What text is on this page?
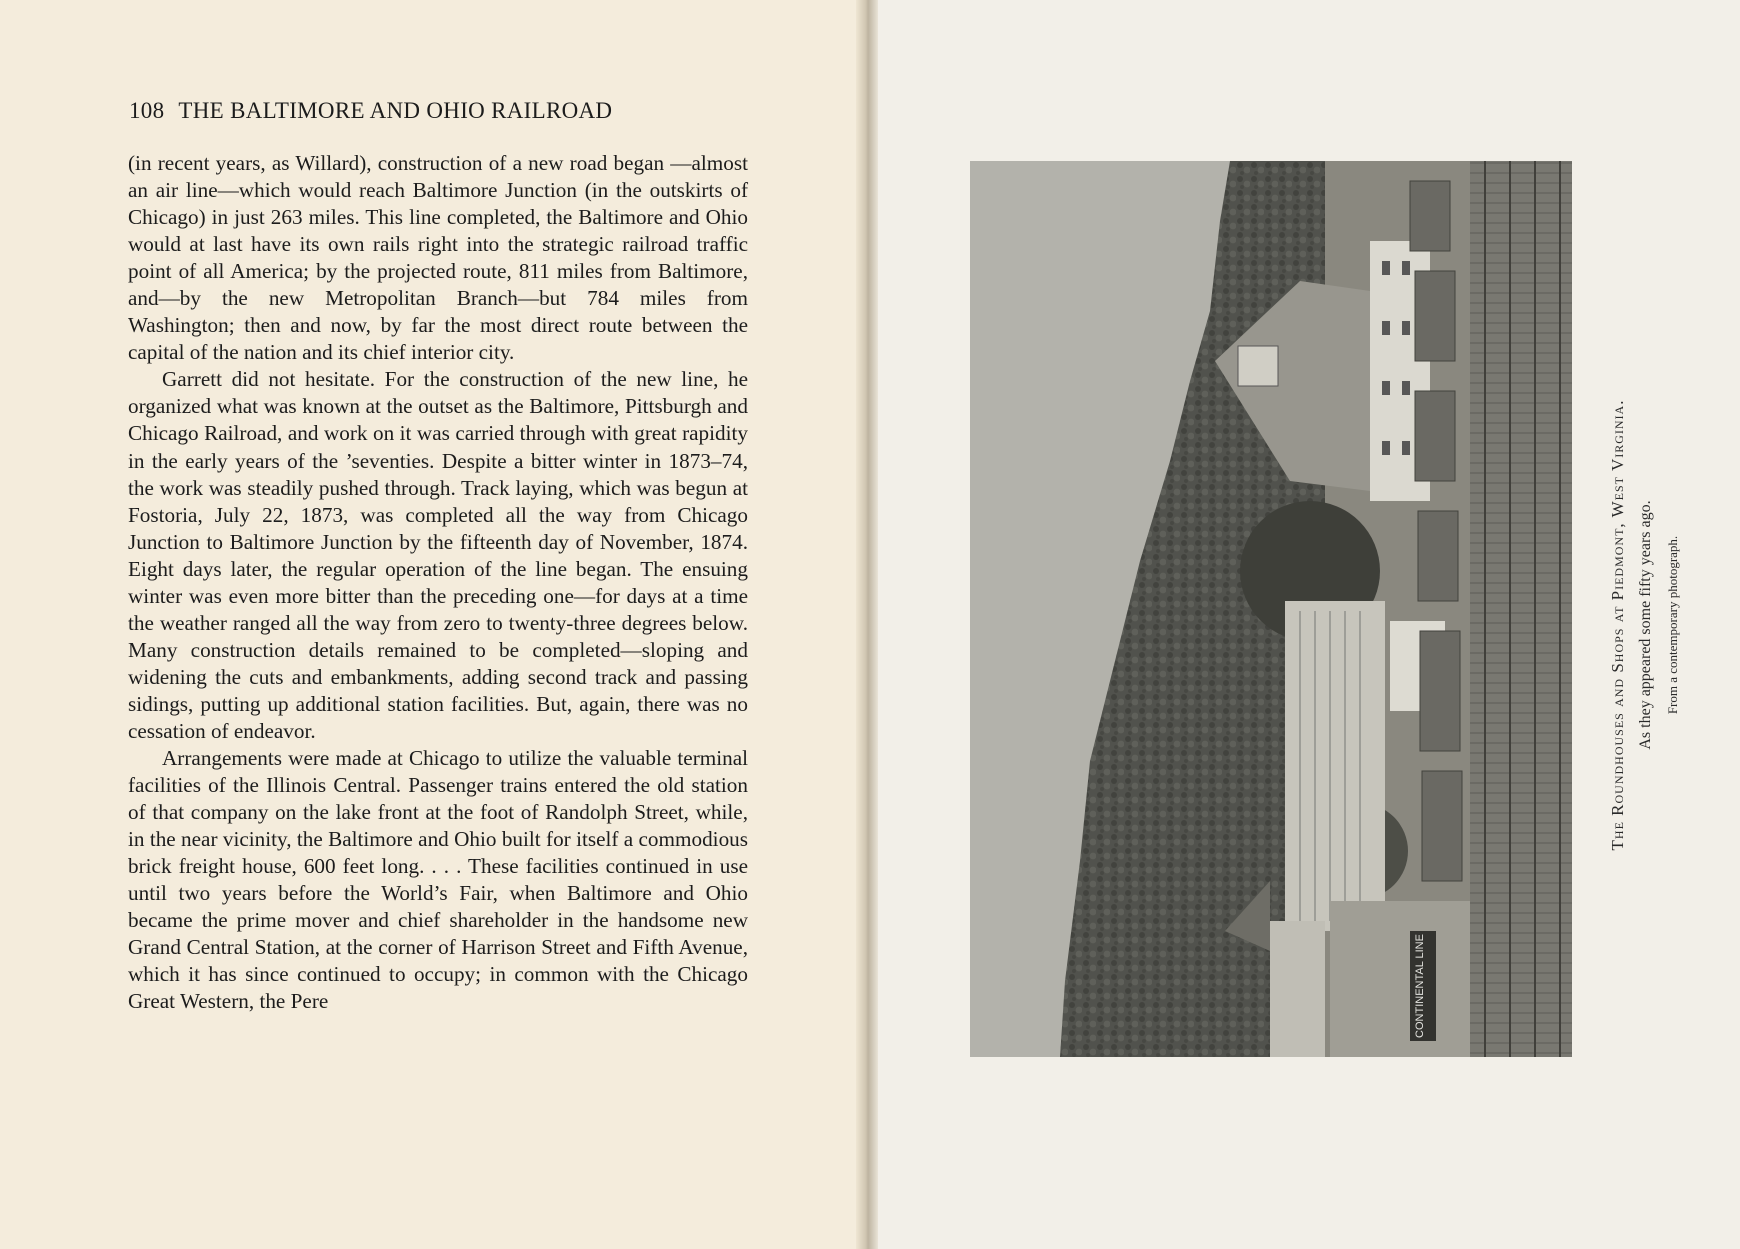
108 THE BALTIMORE AND OHIO RAILROAD

(in recent years, as Willard), construction of a new road began —almost an air line—which would reach Baltimore Junction (in the outskirts of Chicago) in just 263 miles. This line completed, the Baltimore and Ohio would at last have its own rails right into the strategic railroad traffic point of all America; by the projected route, 811 miles from Baltimore, and—by the new Metropolitan Branch—but 784 miles from Washington; then and now, by far the most direct route between the capital of the nation and its chief interior city.

Garrett did not hesitate. For the construction of the new line, he organized what was known at the outset as the Baltimore, Pittsburgh and Chicago Railroad, and work on it was carried through with great rapidity in the early years of the ’seventies. Despite a bitter winter in 1873–74, the work was steadily pushed through. Track laying, which was begun at Fostoria, July 22, 1873, was completed all the way from Chicago Junction to Baltimore Junction by the fifteenth day of November, 1874. Eight days later, the regular operation of the line began. The ensuing winter was even more bitter than the preceding one—for days at a time the weather ranged all the way from zero to twenty-three degrees below. Many construction details remained to be completed—sloping and widening the cuts and embankments, adding second track and passing sidings, putting up additional station facilities. But, again, there was no cessation of endeavor.

Arrangements were made at Chicago to utilize the valuable terminal facilities of the Illinois Central. Passenger trains entered the old station of that company on the lake front at the foot of Randolph Street, while, in the near vicinity, the Baltimore and Ohio built for itself a commodious brick freight house, 600 feet long. . . . These facilities continued in use until two years before the World’s Fair, when Baltimore and Ohio became the prime mover and chief shareholder in the handsome new Grand Central Station, at the corner of Harrison Street and Fifth Avenue, which it has since continued to occupy; in common with the Chicago Great Western, the Pere	CONTINENTAL LINE
The Roundhouses and Shops at Piedmont, West Virginia. As they appeared some fifty years ago. From a contemporary photograph.
